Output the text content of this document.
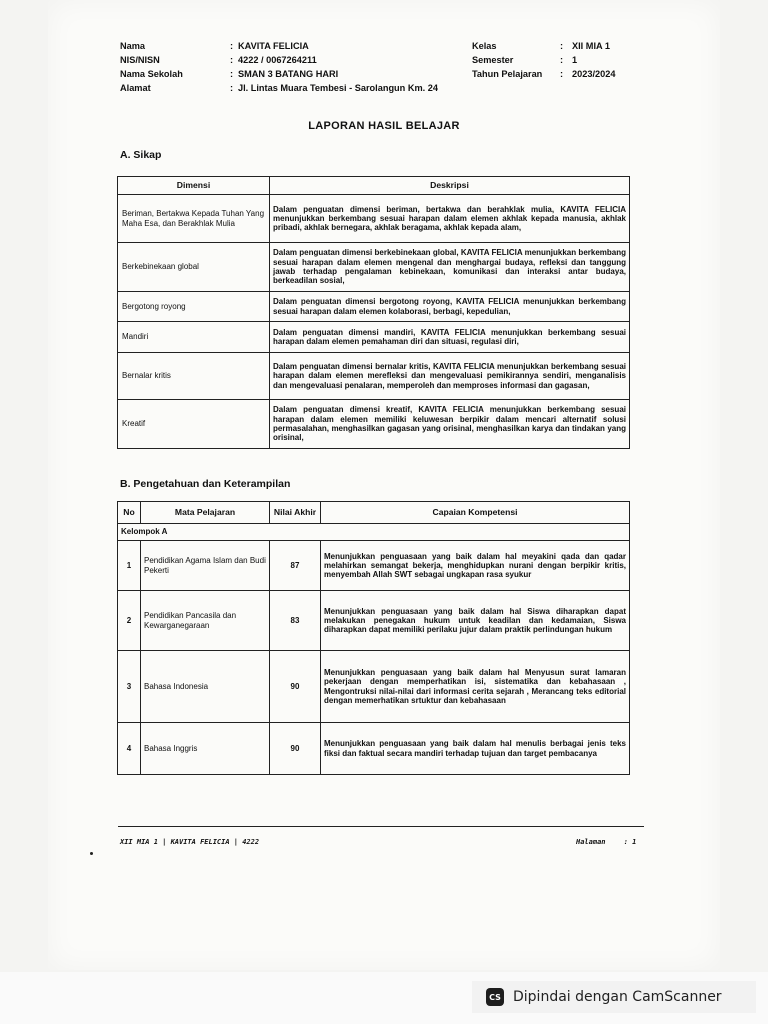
Nama	: KAVITA FELICIA
NIS/NISN	: 4222 / 0067264211
Nama Sekolah	: SMAN 3 BATANG HARI
Alamat	: Jl. Lintas Muara Tembesi - Sarolangun Km. 24
Kelas	: XII MIA 1
Semester	: 1
Tahun Pelajaran : 2023/2024
LAPORAN HASIL BELAJAR
A. Sikap
Dimensi	Deskripsi
Beriman, Bertakwa Kepada Tuhan Yang Maha Esa, dan Berakhlak Mulia	Dalam penguatan dimensi beriman, bertakwa dan berahklak mulia, KAVITA FELICIA menunjukkan berkembang sesuai harapan dalam elemen akhlak kepada manusia, akhlak pribadi, akhlak bernegara, akhlak beragama, akhlak kepada alam,
Berkebinekaan global	Dalam penguatan dimensi berkebinekaan global, KAVITA FELICIA menunjukkan berkembang sesuai harapan dalam elemen mengenal dan menghargai budaya, refleksi dan tanggung jawab terhadap pengalaman kebinekaan, komunikasi dan interaksi antar budaya, berkeadilan sosial,
Bergotong royong	Dalam penguatan dimensi bergotong royong, KAVITA FELICIA menunjukkan berkembang sesuai harapan dalam elemen kolaborasi, berbagi, kepedulian,
Mandiri	Dalam penguatan dimensi mandiri, KAVITA FELICIA menunjukkan berkembang sesuai harapan dalam elemen pemahaman diri dan situasi, regulasi diri,
Bernalar kritis	Dalam penguatan dimensi bernalar kritis, KAVITA FELICIA menunjukkan berkembang sesuai harapan dalam elemen merefleksi dan mengevaluasi pemikirannya sendiri, menganalisis dan mengevaluasi penalaran, memperoleh dan memproses informasi dan gagasan,
Kreatif	Dalam penguatan dimensi kreatif, KAVITA FELICIA menunjukkan berkembang sesuai harapan dalam elemen memiliki keluwesan berpikir dalam mencari alternatif solusi permasalahan, menghasilkan gagasan yang orisinal, menghasilkan karya dan tindakan yang orisinal,
B. Pengetahuan dan Keterampilan
No	Mata Pelajaran	Nilai Akhir	Capaian Kompetensi
Kelompok A			
1	Pendidikan Agama Islam dan Budi Pekerti	87	Menunjukkan penguasaan yang baik dalam hal meyakini qada dan qadar melahirkan semangat bekerja, menghidupkan nurani dengan berpikir kritis, menyembah Allah SWT sebagai ungkapan rasa syukur
2	Pendidikan Pancasila dan Kewarganegaraan	83	Menunjukkan penguasaan yang baik dalam hal Siswa diharapkan dapat melakukan penegakan hukum untuk keadilan dan kedamaian, Siswa diharapkan dapat memiliki perilaku jujur dalam praktik perlindungan hukum
3	Bahasa Indonesia	90	Menunjukkan penguasaan yang baik dalam hal Menyusun surat lamaran pekerjaan dengan memperhatikan isi, sistematika dan kebahasaan , Mengontruksi nilai-nilai dari informasi cerita sejarah , Merancang teks editorial dengan memerhatikan srtuktur dan kebahasaan
4	Bahasa Inggris	90	Menunjukkan penguasaan yang baik dalam hal menulis berbagai jenis teks fiksi dan faktual secara mandiri terhadap tujuan dan target pembacanya
XII MIA 1 | KAVITA FELICIA | 4222	Halaman	: 1
CS Dipindai dengan CamScanner
